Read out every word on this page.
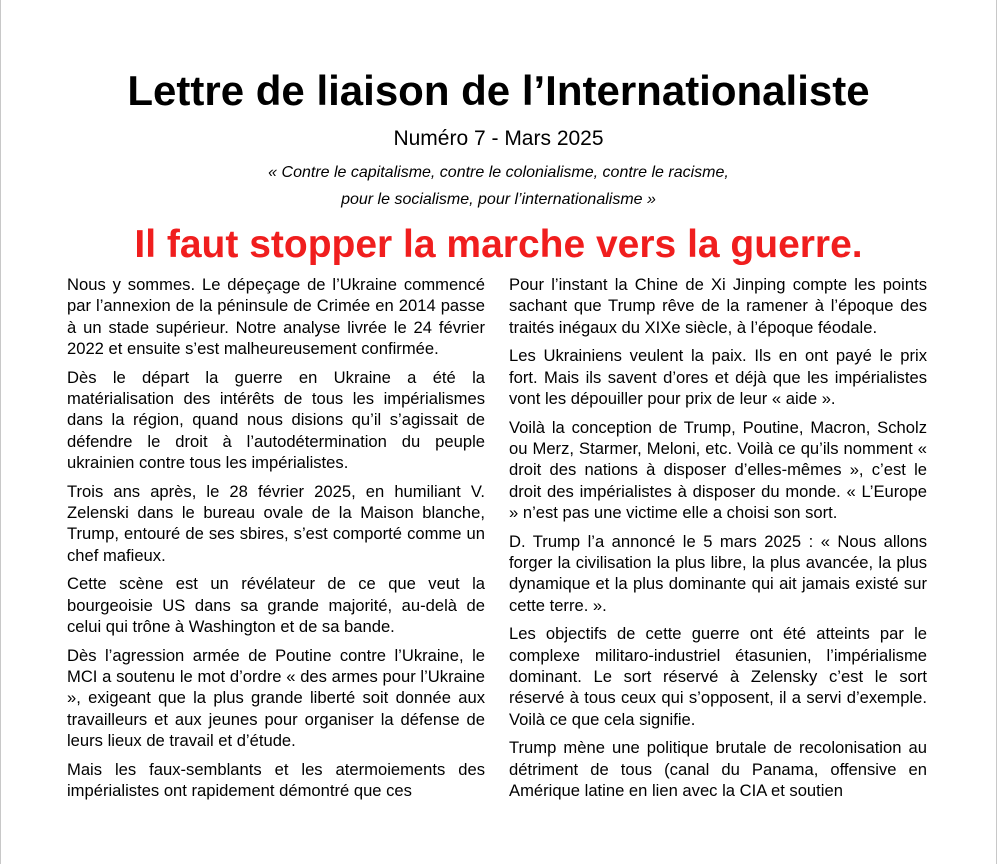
Lettre de liaison de l’Internationaliste
Numéro 7 - Mars 2025
« Contre le capitalisme, contre le colonialisme, contre le racisme,
pour le socialisme, pour l’internationalisme »
Il faut stopper la marche vers la guerre.

Nous y sommes. Le dépeçage de l’Ukraine commencé par l’annexion de la péninsule de Crimée en 2014 passe à un stade supérieur. Notre analyse livrée le 24 février 2022 et ensuite s’est malheureusement confirmée.

Dès le départ la guerre en Ukraine a été la matérialisation des intérêts de tous les impérialismes dans la région, quand nous disions qu’il s’agissait de défendre le droit à l’autodétermination du peuple ukrainien contre tous les impérialistes.

Trois ans après, le 28 février 2025, en humiliant V. Zelenski dans le bureau ovale de la Maison blanche, Trump, entouré de ses sbires, s’est comporté comme un chef mafieux.

Cette scène est un révélateur de ce que veut la bourgeoisie US dans sa grande majorité, au-delà de celui qui trône à Washington et de sa bande.

Dès l’agression armée de Poutine contre l’Ukraine, le MCI a soutenu le mot d’ordre « des armes pour l’Ukraine », exigeant que la plus grande liberté soit donnée aux travailleurs et aux jeunes pour organiser la défense de leurs lieux de travail et d’étude.

Mais les faux-semblants et les atermoiements des impérialistes ont rapidement démontré que ces

Pour l’instant la Chine de Xi Jinping compte les points sachant que Trump rêve de la ramener à l’époque des traités inégaux du XIXe siècle, à l’époque féodale.

Les Ukrainiens veulent la paix. Ils en ont payé le prix fort. Mais ils savent d’ores et déjà que les impérialistes vont les dépouiller pour prix de leur « aide ».

Voilà la conception de Trump, Poutine, Macron, Scholz ou Merz, Starmer, Meloni, etc. Voilà ce qu’ils nomment « droit des nations à disposer d’elles-mêmes », c’est le droit des impérialistes à disposer du monde. « L’Europe » n’est pas une victime elle a choisi son sort.

D. Trump l’a annoncé le 5 mars 2025 : « Nous allons forger la civilisation la plus libre, la plus avancée, la plus dynamique et la plus dominante qui ait jamais existé sur cette terre. ».

Les objectifs de cette guerre ont été atteints par le complexe militaro-industriel étasunien, l’impérialisme dominant. Le sort réservé à Zelensky c’est le sort réservé à tous ceux qui s’opposent, il a servi d’exemple. Voilà ce que cela signifie.

Trump mène une politique brutale de recolonisation au détriment de tous (canal du Panama, offensive en Amérique latine en lien avec la CIA et soutien
